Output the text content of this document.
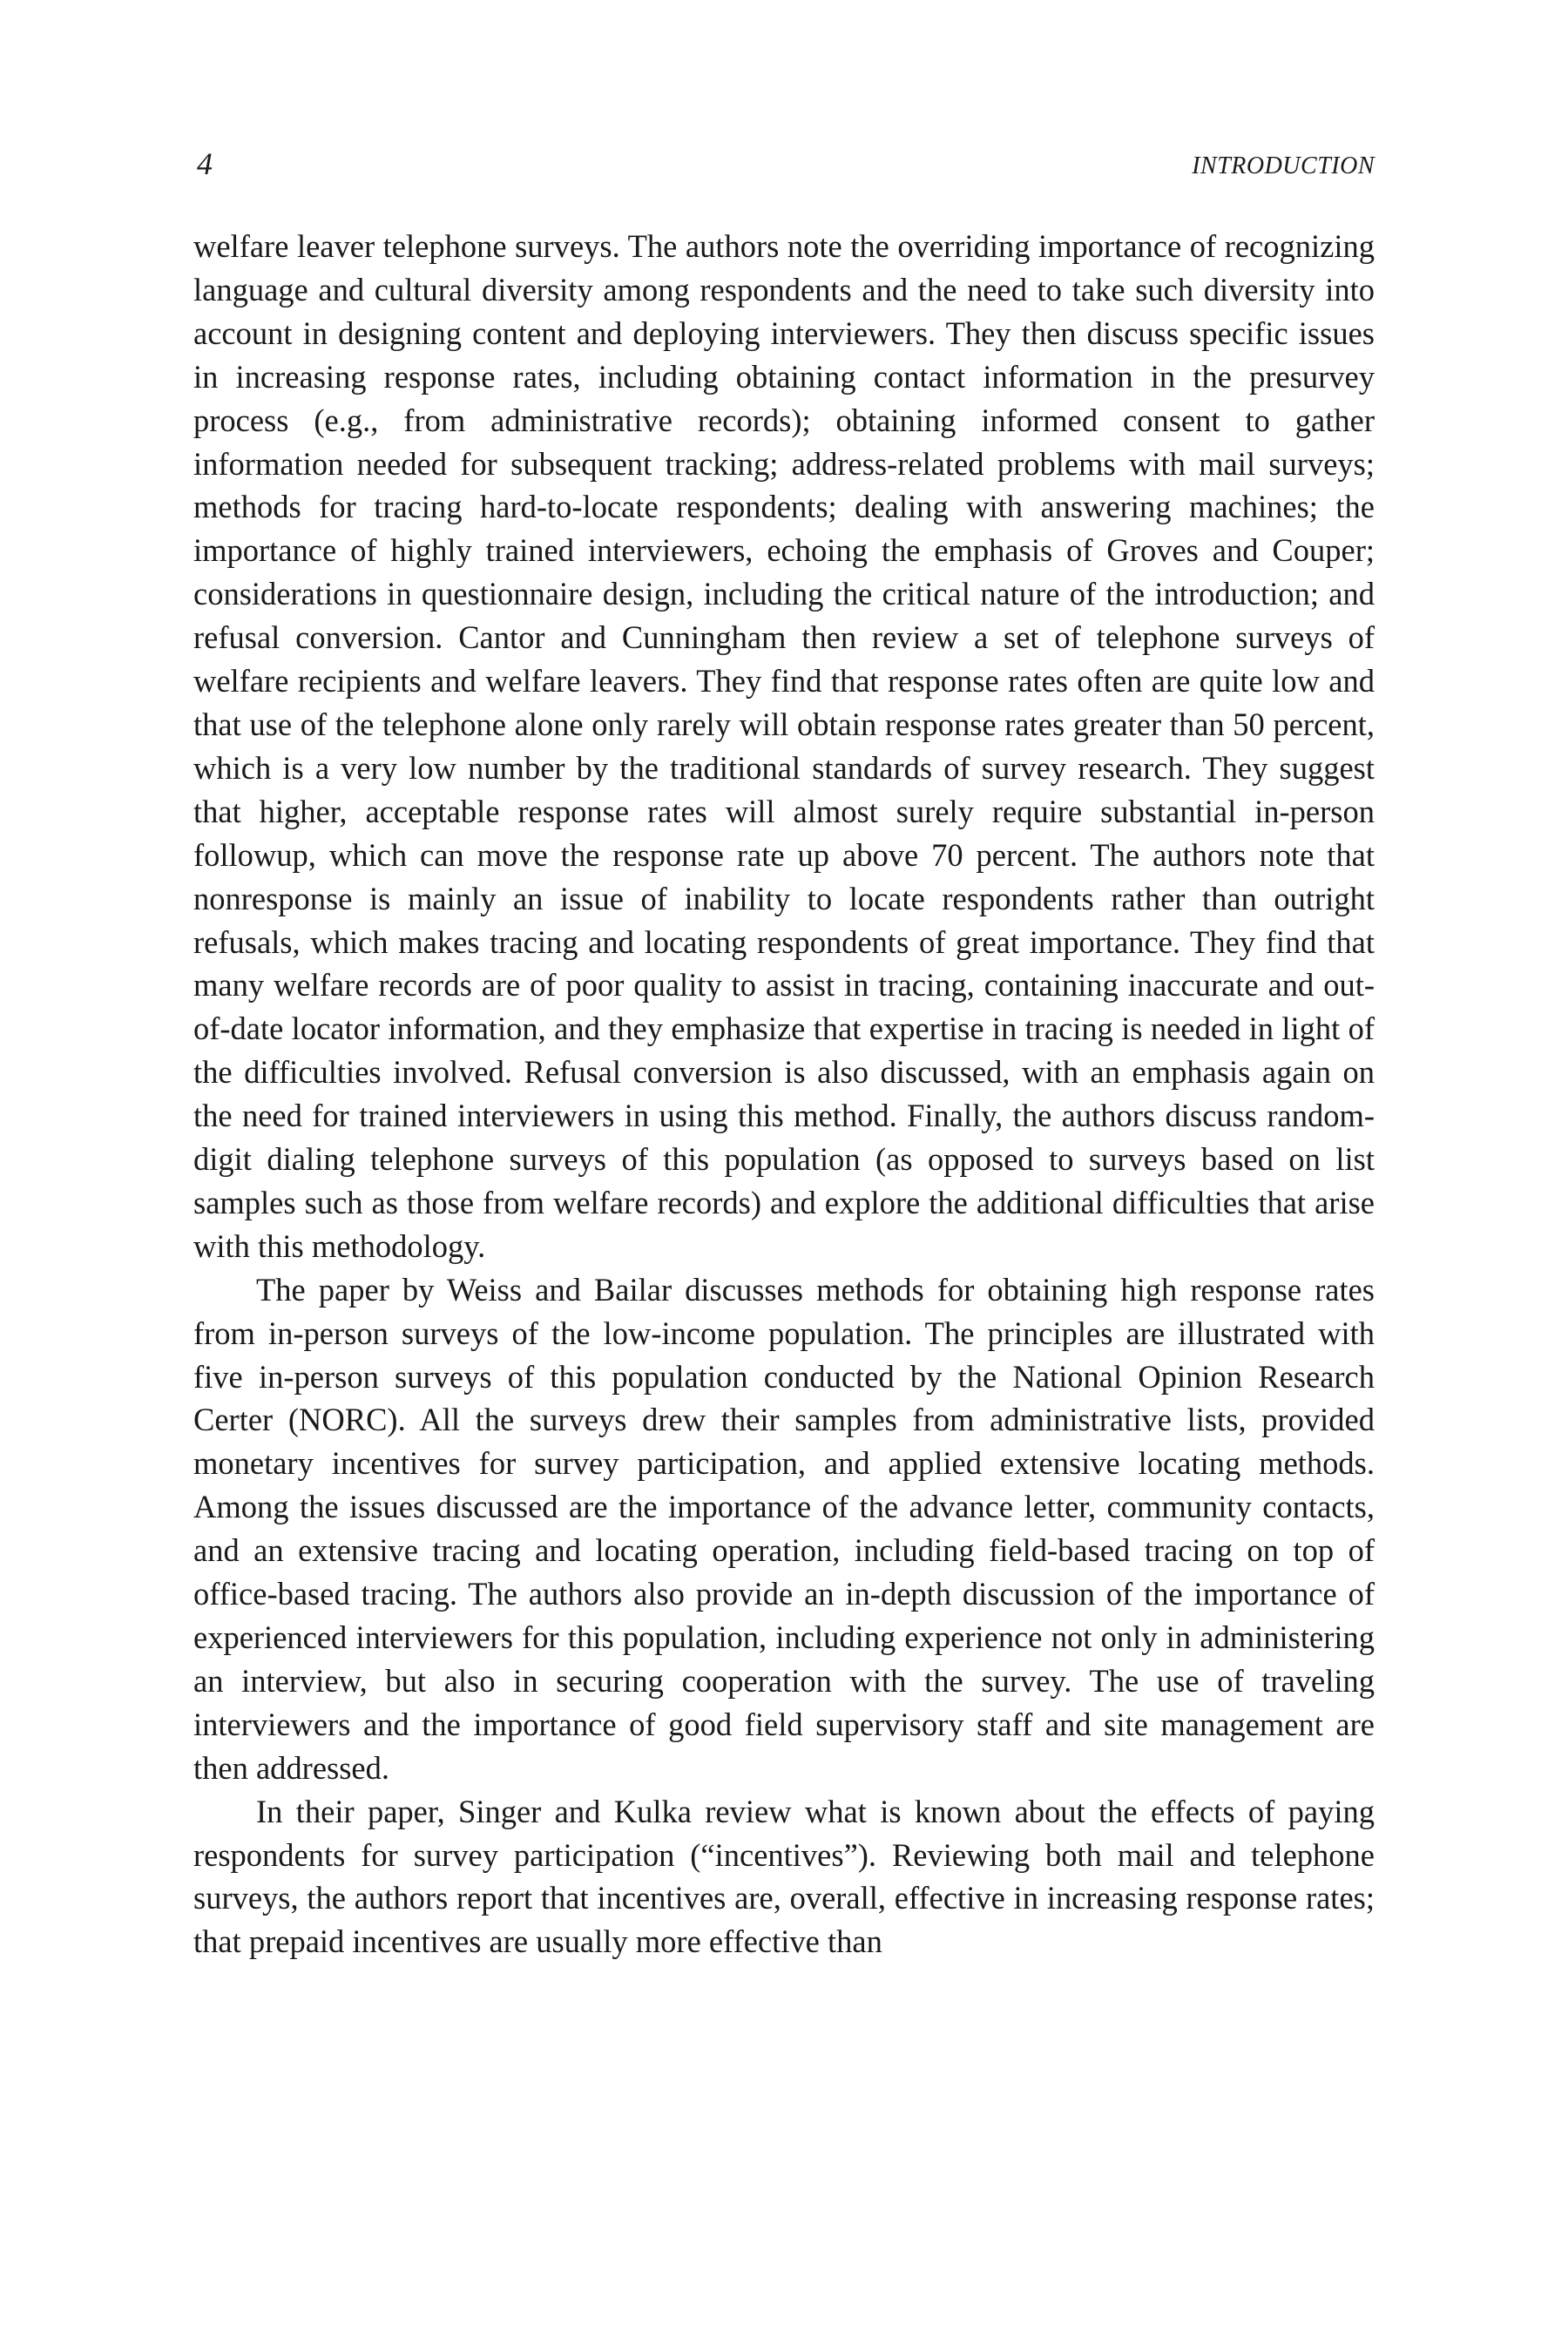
4	INTRODUCTION

welfare leaver telephone surveys. The authors note the overriding importance of recognizing language and cultural diversity among respondents and the need to take such diversity into account in designing content and deploying interviewers. They then discuss specific issues in increasing response rates, including obtaining contact information in the presurvey process (e.g., from administrative records); obtaining informed consent to gather information needed for subsequent tracking; address-related problems with mail surveys; methods for tracing hard-to-locate respondents; dealing with answering machines; the importance of highly trained interviewers, echoing the emphasis of Groves and Couper; considerations in questionnaire design, including the critical nature of the introduction; and refusal conversion. Cantor and Cunningham then review a set of telephone surveys of welfare recipients and welfare leavers. They find that response rates often are quite low and that use of the telephone alone only rarely will obtain response rates greater than 50 percent, which is a very low number by the traditional standards of survey research. They suggest that higher, acceptable response rates will almost surely require substantial in-person followup, which can move the response rate up above 70 percent. The authors note that nonresponse is mainly an issue of inability to locate respondents rather than outright refusals, which makes tracing and locating respondents of great importance. They find that many welfare records are of poor quality to assist in tracing, containing inaccurate and out-of-date locator information, and they emphasize that expertise in tracing is needed in light of the difficulties involved. Refusal conversion is also discussed, with an emphasis again on the need for trained interviewers in using this method. Finally, the authors discuss random-digit dialing telephone surveys of this population (as opposed to surveys based on list samples such as those from welfare records) and explore the additional difficulties that arise with this methodology.

The paper by Weiss and Bailar discusses methods for obtaining high response rates from in-person surveys of the low-income population. The principles are illustrated with five in-person surveys of this population conducted by the National Opinion Research Certer (NORC). All the surveys drew their samples from administrative lists, provided monetary incentives for survey participation, and applied extensive locating methods. Among the issues discussed are the importance of the advance letter, community contacts, and an extensive tracing and locating operation, including field-based tracing on top of office-based tracing. The authors also provide an in-depth discussion of the importance of experienced interviewers for this population, including experience not only in administering an interview, but also in securing cooperation with the survey. The use of traveling interviewers and the importance of good field supervisory staff and site management are then addressed.

In their paper, Singer and Kulka review what is known about the effects of paying respondents for survey participation (“incentives”). Reviewing both mail and telephone surveys, the authors report that incentives are, overall, effective in increasing response rates; that prepaid incentives are usually more effective than
